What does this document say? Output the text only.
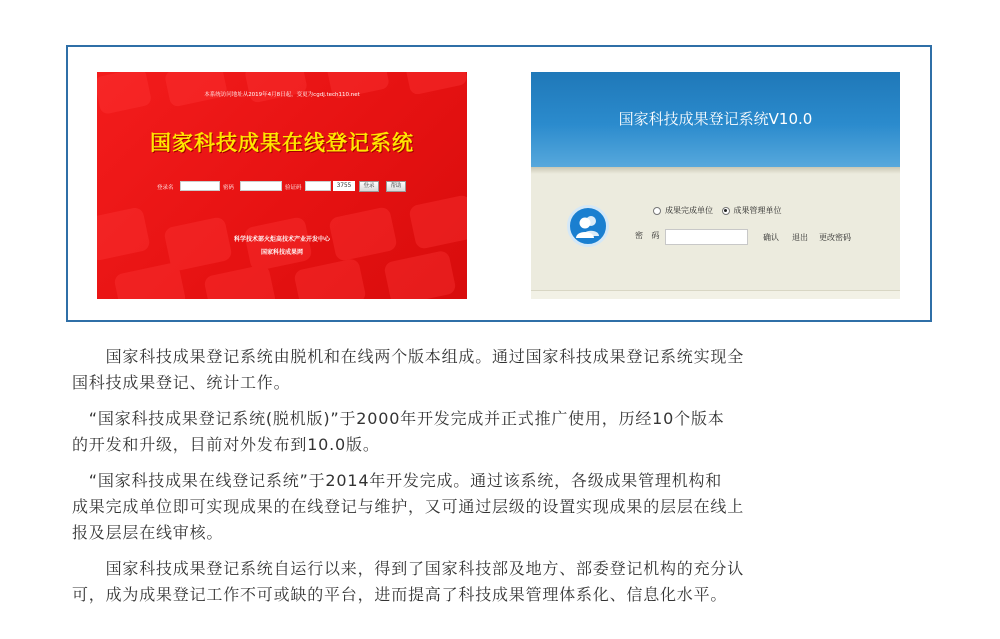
本系统访问地址从2019年4月8日起，变更为cgdj.tech110.net
国家科技成果在线登记系统
登录名	密码	验证码	3755	登录	帮助
科学技术部火炬高技术产业开发中心
国家科技成果网
国家科技成果登记系统V10.0
成果完成单位	成果管理单位
密 码	确认 退出 更改密码
　　国家科技成果登记系统由脱机和在线两个版本组成。通过国家科技成果登记系统实现全
国科技成果登记、统计工作。
　“国家科技成果登记系统(脱机版)”于2000年开发完成并正式推广使用，历经10个版本
的开发和升级，目前对外发布到10.0版。
　“国家科技成果在线登记系统”于2014年开发完成。通过该系统，各级成果管理机构和
成果完成单位即可实现成果的在线登记与维护，又可通过层级的设置实现成果的层层在线上
报及层层在线审核。
　　国家科技成果登记系统自运行以来，得到了国家科技部及地方、部委登记机构的充分认
可，成为成果登记工作不可或缺的平台，进而提高了科技成果管理体系化、信息化水平。
